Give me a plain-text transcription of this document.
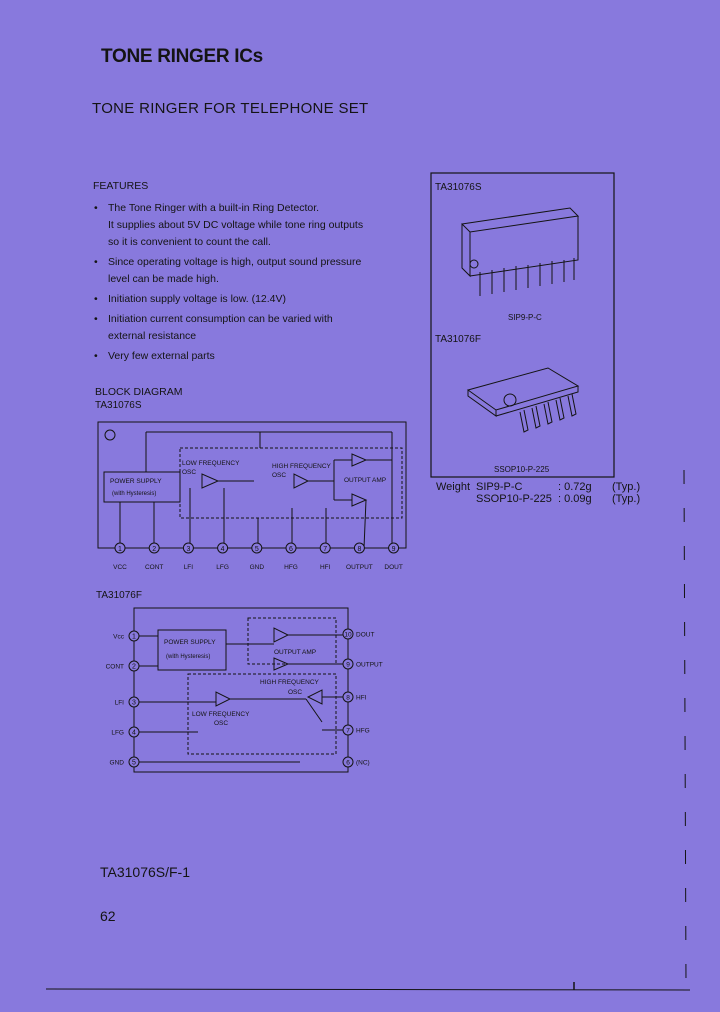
TONE RINGER ICs
TONE RINGER FOR TELEPHONE SET
FEATURES
• The Tone Ringer with a built-in Ring Detector.
It supplies about 5V DC voltage while tone ring outputs
so it is convenient to count the call.
• Since operating voltage is high, output sound pressure
level can be made high.
• Initiation supply voltage is low. (12.4V)
• Initiation current consumption can be varied with
external resistance
• Very few external parts
TA31076S
SIP9-P-C
TA31076F
SSOP10-P-225
Weight SIP9-P-C	: 0.72g (Typ.)
SSOP10-P-225 : 0.09g (Typ.)
BLOCK DIAGRAM
TA31076S
POWER SUPPLY
(with Hysteresis)
LOW FREQUENCY
OSC
HIGH FREQUENCY
OSC
OUTPUT AMP
1
VCC
2
CONT
3
LFI
4
LFG
5
GND
6
HFG
7
HFI
8
OUTPUT
9
DOUT
TA31076F
POWER SUPPLY
(with Hysteresis)
OUTPUT AMP
HIGH FREQUENCY
OSC
LOW FREQUENCY
OSC
1
Vcc
2
CONT
3
LFI
4
LFG
5
GND
10 DOUT
9 OUTPUT
8 HFI
7 HFG
6 (NC)
TA31076S/F-1
62
